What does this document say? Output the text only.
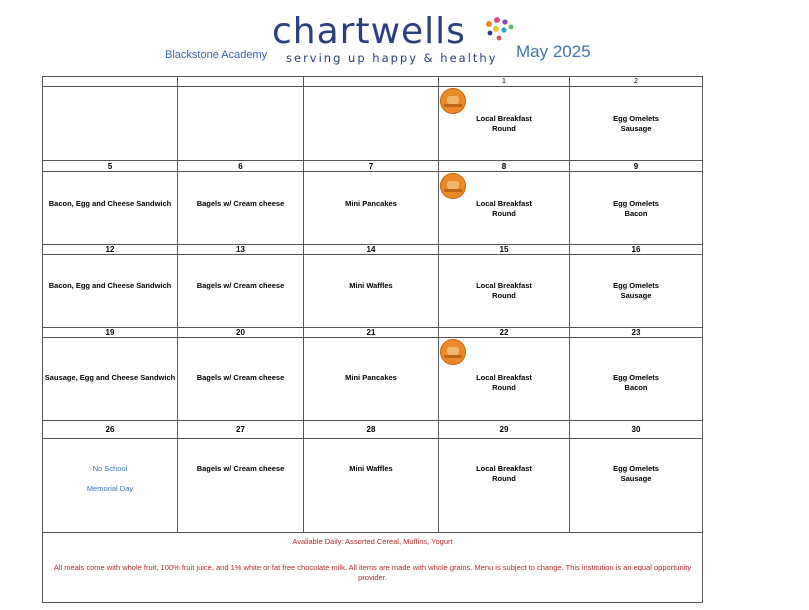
Blackstone Academy
chartwells
serving up happy & healthy May 2025
1
Local Breakfast
Round
2
Egg Omelets
Sausage
5
Bacon, Egg and Cheese Sandwich
6
Bagels w/ Cream cheese
7
Mini Pancakes
8
Local Breakfast
Round
9
Egg Omelets
Bacon
12
Bacon, Egg and Cheese Sandwich
13
Bagels w/ Cream cheese
14
Mini Waffles
15
Local Breakfast
Round
16
Egg Omelets
Sausage
19
Sausage, Egg and Cheese Sandwich
20
Bagels w/ Cream cheese
21
Mini Pancakes
22
Local Breakfast
Round
23
Egg Omelets
Bacon
26
No School

Memorial Day
27
Bagels w/ Cream cheese
28
Mini Waffles
29
Local Breakfast
Round
30
Egg Omelets
Sausage
Avaliable Daily: Assorted Cereal, Muffins, Yogurt
All meals come with whole fruit, 100% fruit juice, and 1% white or fat free chocolate milk. All items are made with whole grains. Menu is subject to change. This institution is an equal opportunity provider.
